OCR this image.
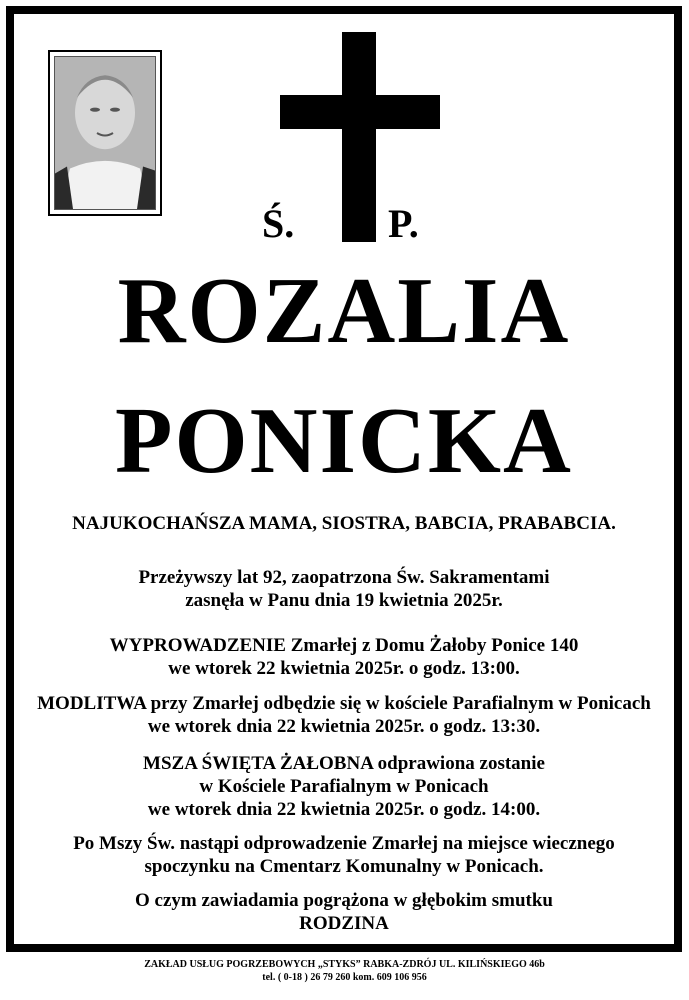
Ś. P.
ROZALIA
PONICKA
NAJUKOCHAŃSZA MAMA, SIOSTRA, BABCIA, PRABABCIA.
Przeżywszy lat 92, zaopatrzona Św. Sakramentami
zasnęła w Panu dnia 19 kwietnia 2025r.
WYPROWADZENIE Zmarłej z Domu Żałoby Ponice 140
we wtorek 22 kwietnia 2025r. o godz. 13:00.
MODLITWA przy Zmarłej odbędzie się w kościele Parafialnym w Ponicach
we wtorek dnia 22 kwietnia 2025r. o godz. 13:30.
MSZA ŚWIĘTA ŻAŁOBNA odprawiona zostanie
w Kościele Parafialnym w Ponicach
we wtorek dnia 22 kwietnia 2025r. o godz. 14:00.
Po Mszy Św. nastąpi odprowadzenie Zmarłej na miejsce wiecznego
spoczynku na Cmentarz Komunalny w Ponicach.
O czym zawiadamia pogrążona w głębokim smutku
RODZINA
ZAKŁAD USŁUG POGRZEBOWYCH „STYKS” RABKA-ZDRÓJ UL. KILIŃSKIEGO 46b
tel. ( 0-18 ) 26 79 260 kom. 609 106 956
